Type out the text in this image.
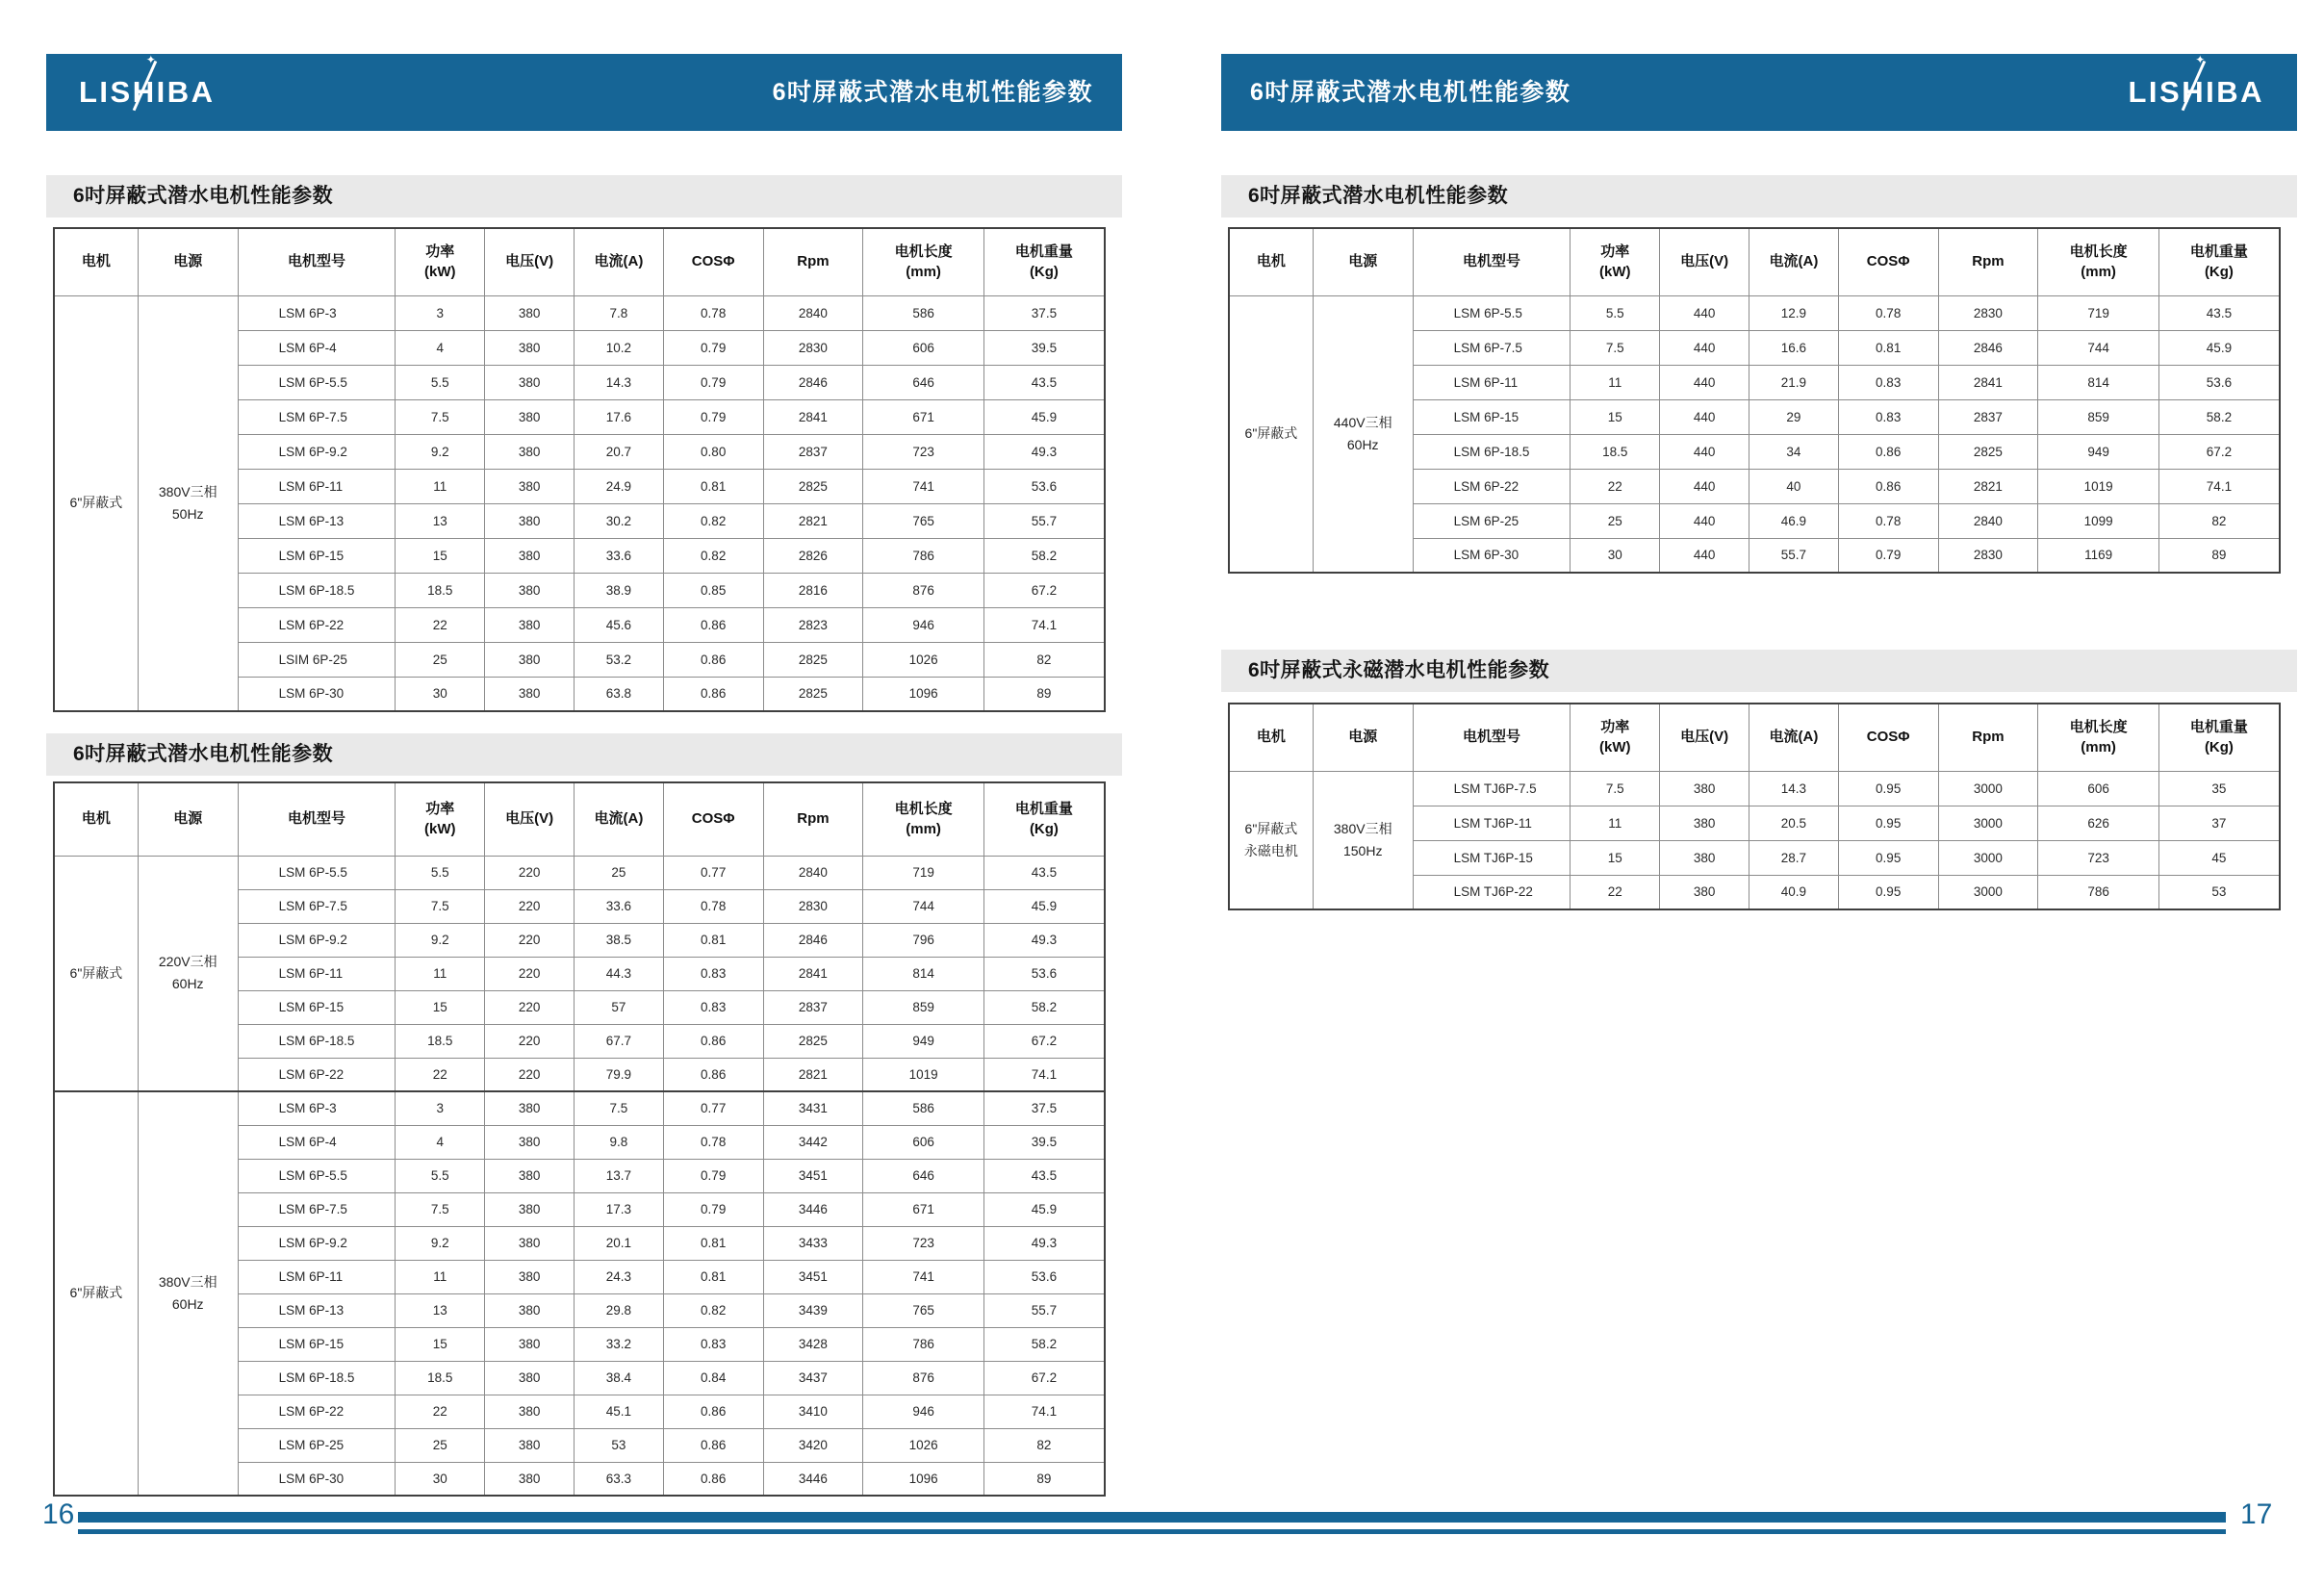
LISH
✦
IBA	6吋屏蔽式潜水电机性能参数
6吋屏蔽式潜水电机性能参数
电机	电源	电机型号	功率
(kW)	电压(V)	电流(A)	COSΦ	Rpm	电机长度
(mm)	电机重量
(Kg)
6"屏蔽式	380V三相
50Hz	LSM 6P-3	3	380	7.8	0.78	2840	586	37.5
		LSM 6P-4	4	380	10.2	0.79	2830	606	39.5
		LSM 6P-5.5	5.5	380	14.3	0.79	2846	646	43.5
		LSM 6P-7.5	7.5	380	17.6	0.79	2841	671	45.9
		LSM 6P-9.2	9.2	380	20.7	0.80	2837	723	49.3
		LSM 6P-11	11	380	24.9	0.81	2825	741	53.6
		LSM 6P-13	13	380	30.2	0.82	2821	765	55.7
		LSM 6P-15	15	380	33.6	0.82	2826	786	58.2
		LSM 6P-18.5	18.5	380	38.9	0.85	2816	876	67.2
		LSM 6P-22	22	380	45.6	0.86	2823	946	74.1
		LSIM 6P-25	25	380	53.2	0.86	2825	1026	82
		LSM 6P-30	30	380	63.8	0.86	2825	1096	89
6吋屏蔽式潜水电机性能参数
电机	电源	电机型号	功率
(kW)	电压(V)	电流(A)	COSΦ	Rpm	电机长度
(mm)	电机重量
(Kg)
6"屏蔽式	220V三相
60Hz	LSM 6P-5.5	5.5	220	25	0.77	2840	719	43.5
		LSM 6P-7.5	7.5	220	33.6	0.78	2830	744	45.9
		LSM 6P-9.2	9.2	220	38.5	0.81	2846	796	49.3
		LSM 6P-11	11	220	44.3	0.83	2841	814	53.6
		LSM 6P-15	15	220	57	0.83	2837	859	58.2
		LSM 6P-18.5	18.5	220	67.7	0.86	2825	949	67.2
		LSM 6P-22	22	220	79.9	0.86	2821	1019	74.1
6"屏蔽式	380V三相
60Hz	LSM 6P-3	3	380	7.5	0.77	3431	586	37.5
		LSM 6P-4	4	380	9.8	0.78	3442	606	39.5
		LSM 6P-5.5	5.5	380	13.7	0.79	3451	646	43.5
		LSM 6P-7.5	7.5	380	17.3	0.79	3446	671	45.9
		LSM 6P-9.2	9.2	380	20.1	0.81	3433	723	49.3
		LSM 6P-11	11	380	24.3	0.81	3451	741	53.6
		LSM 6P-13	13	380	29.8	0.82	3439	765	55.7
		LSM 6P-15	15	380	33.2	0.83	3428	786	58.2
		LSM 6P-18.5	18.5	380	38.4	0.84	3437	876	67.2
		LSM 6P-22	22	380	45.1	0.86	3410	946	74.1
		LSM 6P-25	25	380	53	0.86	3420	1026	82
		LSM 6P-30	30	380	63.3	0.86	3446	1096	89
6吋屏蔽式潜水电机性能参数	LISH
✦
IBA
6吋屏蔽式潜水电机性能参数
电机	电源	电机型号	功率
(kW)	电压(V)	电流(A)	COSΦ	Rpm	电机长度
(mm)	电机重量
(Kg)
6"屏蔽式	440V三相
60Hz	LSM 6P-5.5	5.5	440	12.9	0.78	2830	719	43.5
		LSM 6P-7.5	7.5	440	16.6	0.81	2846	744	45.9
		LSM 6P-11	11	440	21.9	0.83	2841	814	53.6
		LSM 6P-15	15	440	29	0.83	2837	859	58.2
		LSM 6P-18.5	18.5	440	34	0.86	2825	949	67.2
		LSM 6P-22	22	440	40	0.86	2821	1019	74.1
		LSM 6P-25	25	440	46.9	0.78	2840	1099	82
		LSM 6P-30	30	440	55.7	0.79	2830	1169	89
6吋屏蔽式永磁潜水电机性能参数
电机	电源	电机型号	功率
(kW)	电压(V)	电流(A)	COSΦ	Rpm	电机长度
(mm)	电机重量
(Kg)
6"屏蔽式
永磁电机	380V三相
150Hz	LSM TJ6P-7.5	7.5	380	14.3	0.95	3000	606	35
		LSM TJ6P-11	11	380	20.5	0.95	3000	626	37
		LSM TJ6P-15	15	380	28.7	0.95	3000	723	45
		LSM TJ6P-22	22	380	40.9	0.95	3000	786	53
16	17
